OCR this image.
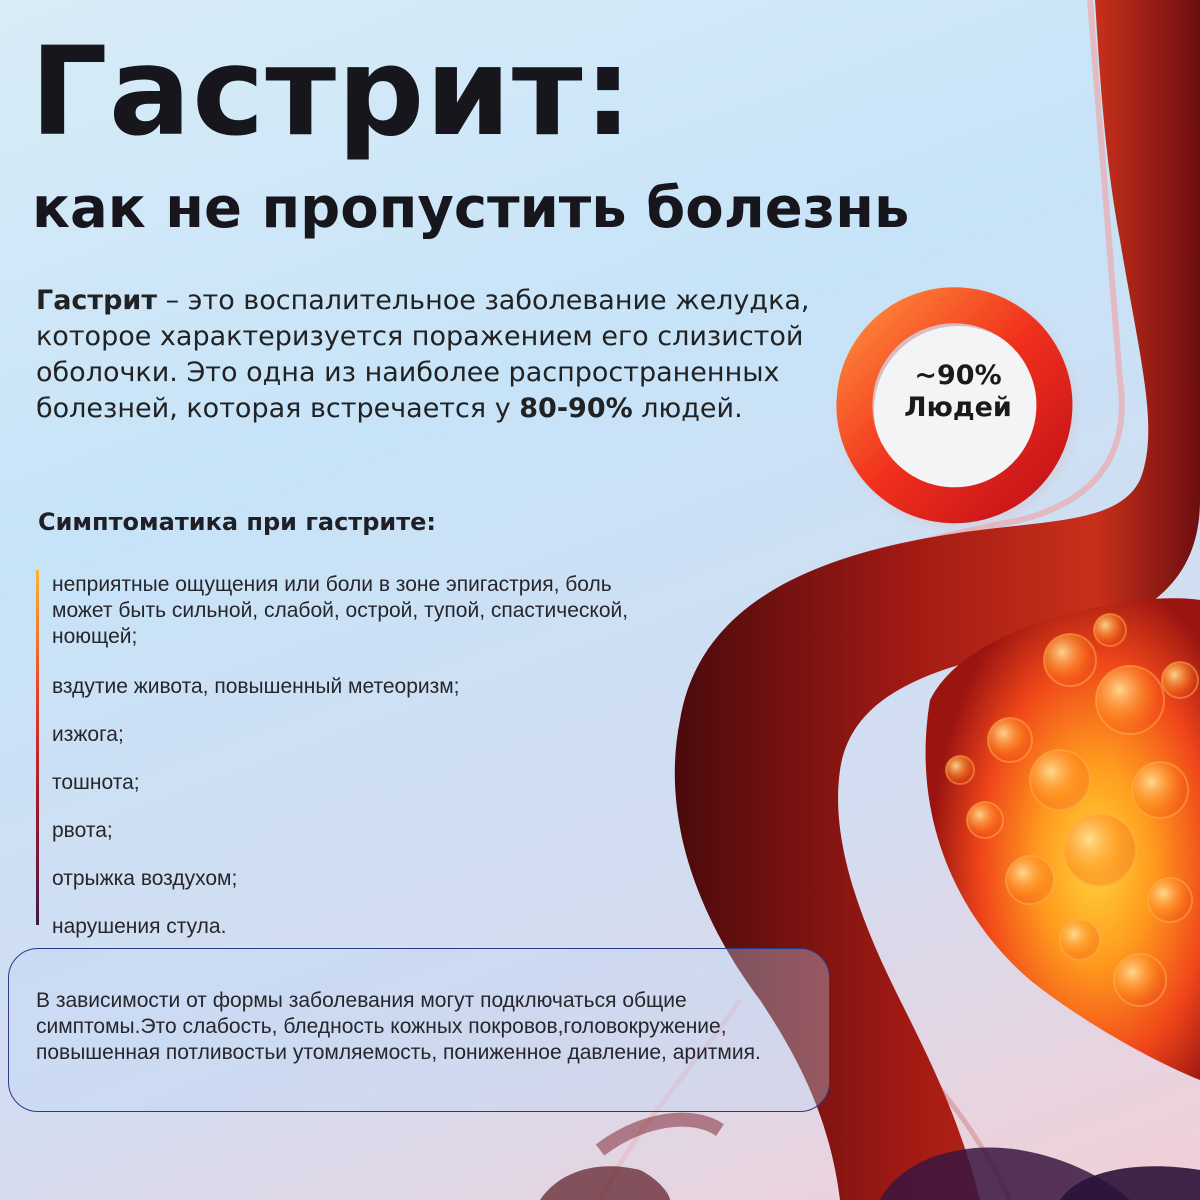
Гастрит:
как не пропустить болезнь

Гастрит – это воспалительное заболевание желудка, которое характеризуется поражением его слизистой оболочки. Это одна из наиболее распространенных болезней, которая встречается у 80-90% людей.

~90%
Людей
Симптоматика при гастрите:
неприятные ощущения или боли в зоне эпигастрия, боль может быть сильной, слабой, острой, тупой, спастической, ноющей;
вздутие живота, повышенный метеоризм;
изжога;
тошнота;
рвота;
отрыжка воздухом;
нарушения стула.

В зависимости от формы заболевания могут подключаться общие симптомы.Это слабость, бледность кожных покровов,головокружение, повышенная потливостьи утомляемость, пониженное давление, аритмия.
